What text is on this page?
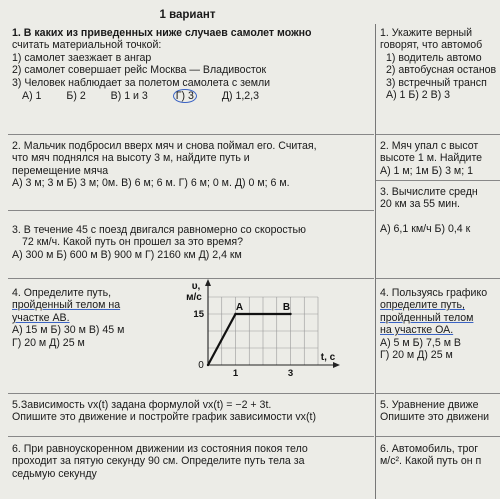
1 вариант
1. В каких из приведенных ниже случаев самолет можно
считать материальной точкой:
1) самолет заезжает в ангар
2) самолет совершает рейс Москва — Владивосток
3) Человек наблюдает за полетом самолета с земли
А) 1 Б) 2 В) 1 и 3	Г) 3	Д) 1,2,3
2. Мальчик подбросил вверх мяч и снова поймал его. Считая,
что мяч поднялся на высоту 3 м, найдите путь и
перемещение мяча
А) 3 м; 3 м Б) 3 м; 0м. В) 6 м; 6 м. Г) 6 м; 0 м. Д) 0 м; 6 м.
3. В течение 45 с поезд двигался равномерно со скоростью
72 км/ч. Какой путь он прошел за это время?
А) 300 м Б) 600 м В) 900 м Г) 2160 км Д) 2,4 км
4. Определите путь,
пройденный телом на
участке АВ.
А) 15 м Б) 30 м В) 45 м
Г) 20 м Д) 25 м
υ,
м/с
t, с
0
1	3
15
A	B
5.Зависимость vx(t) задана формулой vx(t) = −2 + 3t.
Опишите это движение и постройте график зависимости vx(t)
6. При равноускоренном движении из состояния покоя тело
проходит за пятую секунду 90 см. Определите путь тела за
седьмую секунду
1. Укажите верный
говорят, что автомоб
1) водитель автомо
2) автобусная останов
3) встречный трансп
А) 1 Б) 2 В) 3
2. Мяч упал с высот
высоте 1 м. Найдите
А) 1 м; 1м Б) 3 м; 1
3. Вычислите средн
20 км за 55 мин.
А) 6,1 км/ч Б) 0,4 к
4. Пользуясь графико
определите путь,
пройденный телом
на участке ОА.
А) 5 м Б) 7,5 м В
Г) 20 м Д) 25 м
5. Уравнение движе
Опишите это движени
6. Автомобиль, трог
м/с². Какой путь он п
